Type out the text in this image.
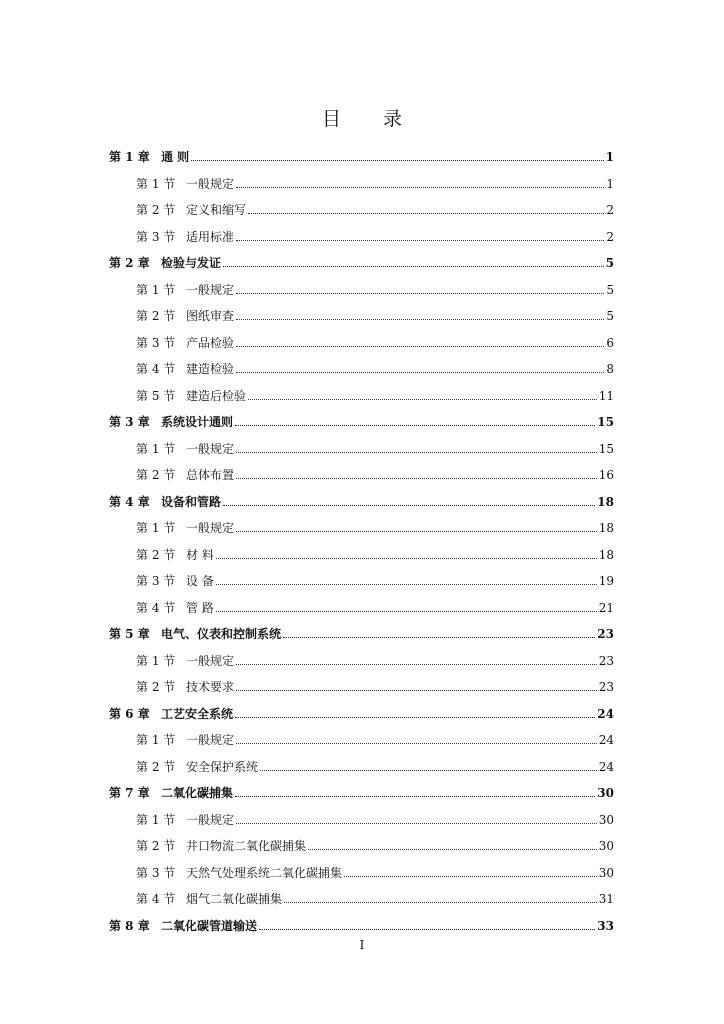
目 录
第 1 章 通 则	1
第 1 节 一般规定	1
第 2 节 定义和缩写	2
第 3 节 适用标准	2
第 2 章 检验与发证	5
第 1 节 一般规定	5
第 2 节 图纸审查	5
第 3 节 产品检验	6
第 4 节 建造检验	8
第 5 节 建造后检验	11
第 3 章 系统设计通则	15
第 1 节 一般规定	15
第 2 节 总体布置	16
第 4 章 设备和管路	18
第 1 节 一般规定	18
第 2 节 材 料	18
第 3 节 设 备	19
第 4 节 管 路	21
第 5 章 电气、仪表和控制系统	23
第 1 节 一般规定	23
第 2 节 技术要求	23
第 6 章 工艺安全系统	24
第 1 节 一般规定	24
第 2 节 安全保护系统	24
第 7 章 二氧化碳捕集	30
第 1 节 一般规定	30
第 2 节 井口物流二氧化碳捕集	30
第 3 节 天然气处理系统二氧化碳捕集	30
第 4 节 烟气二氧化碳捕集	31
第 8 章 二氧化碳管道输送	33
I
